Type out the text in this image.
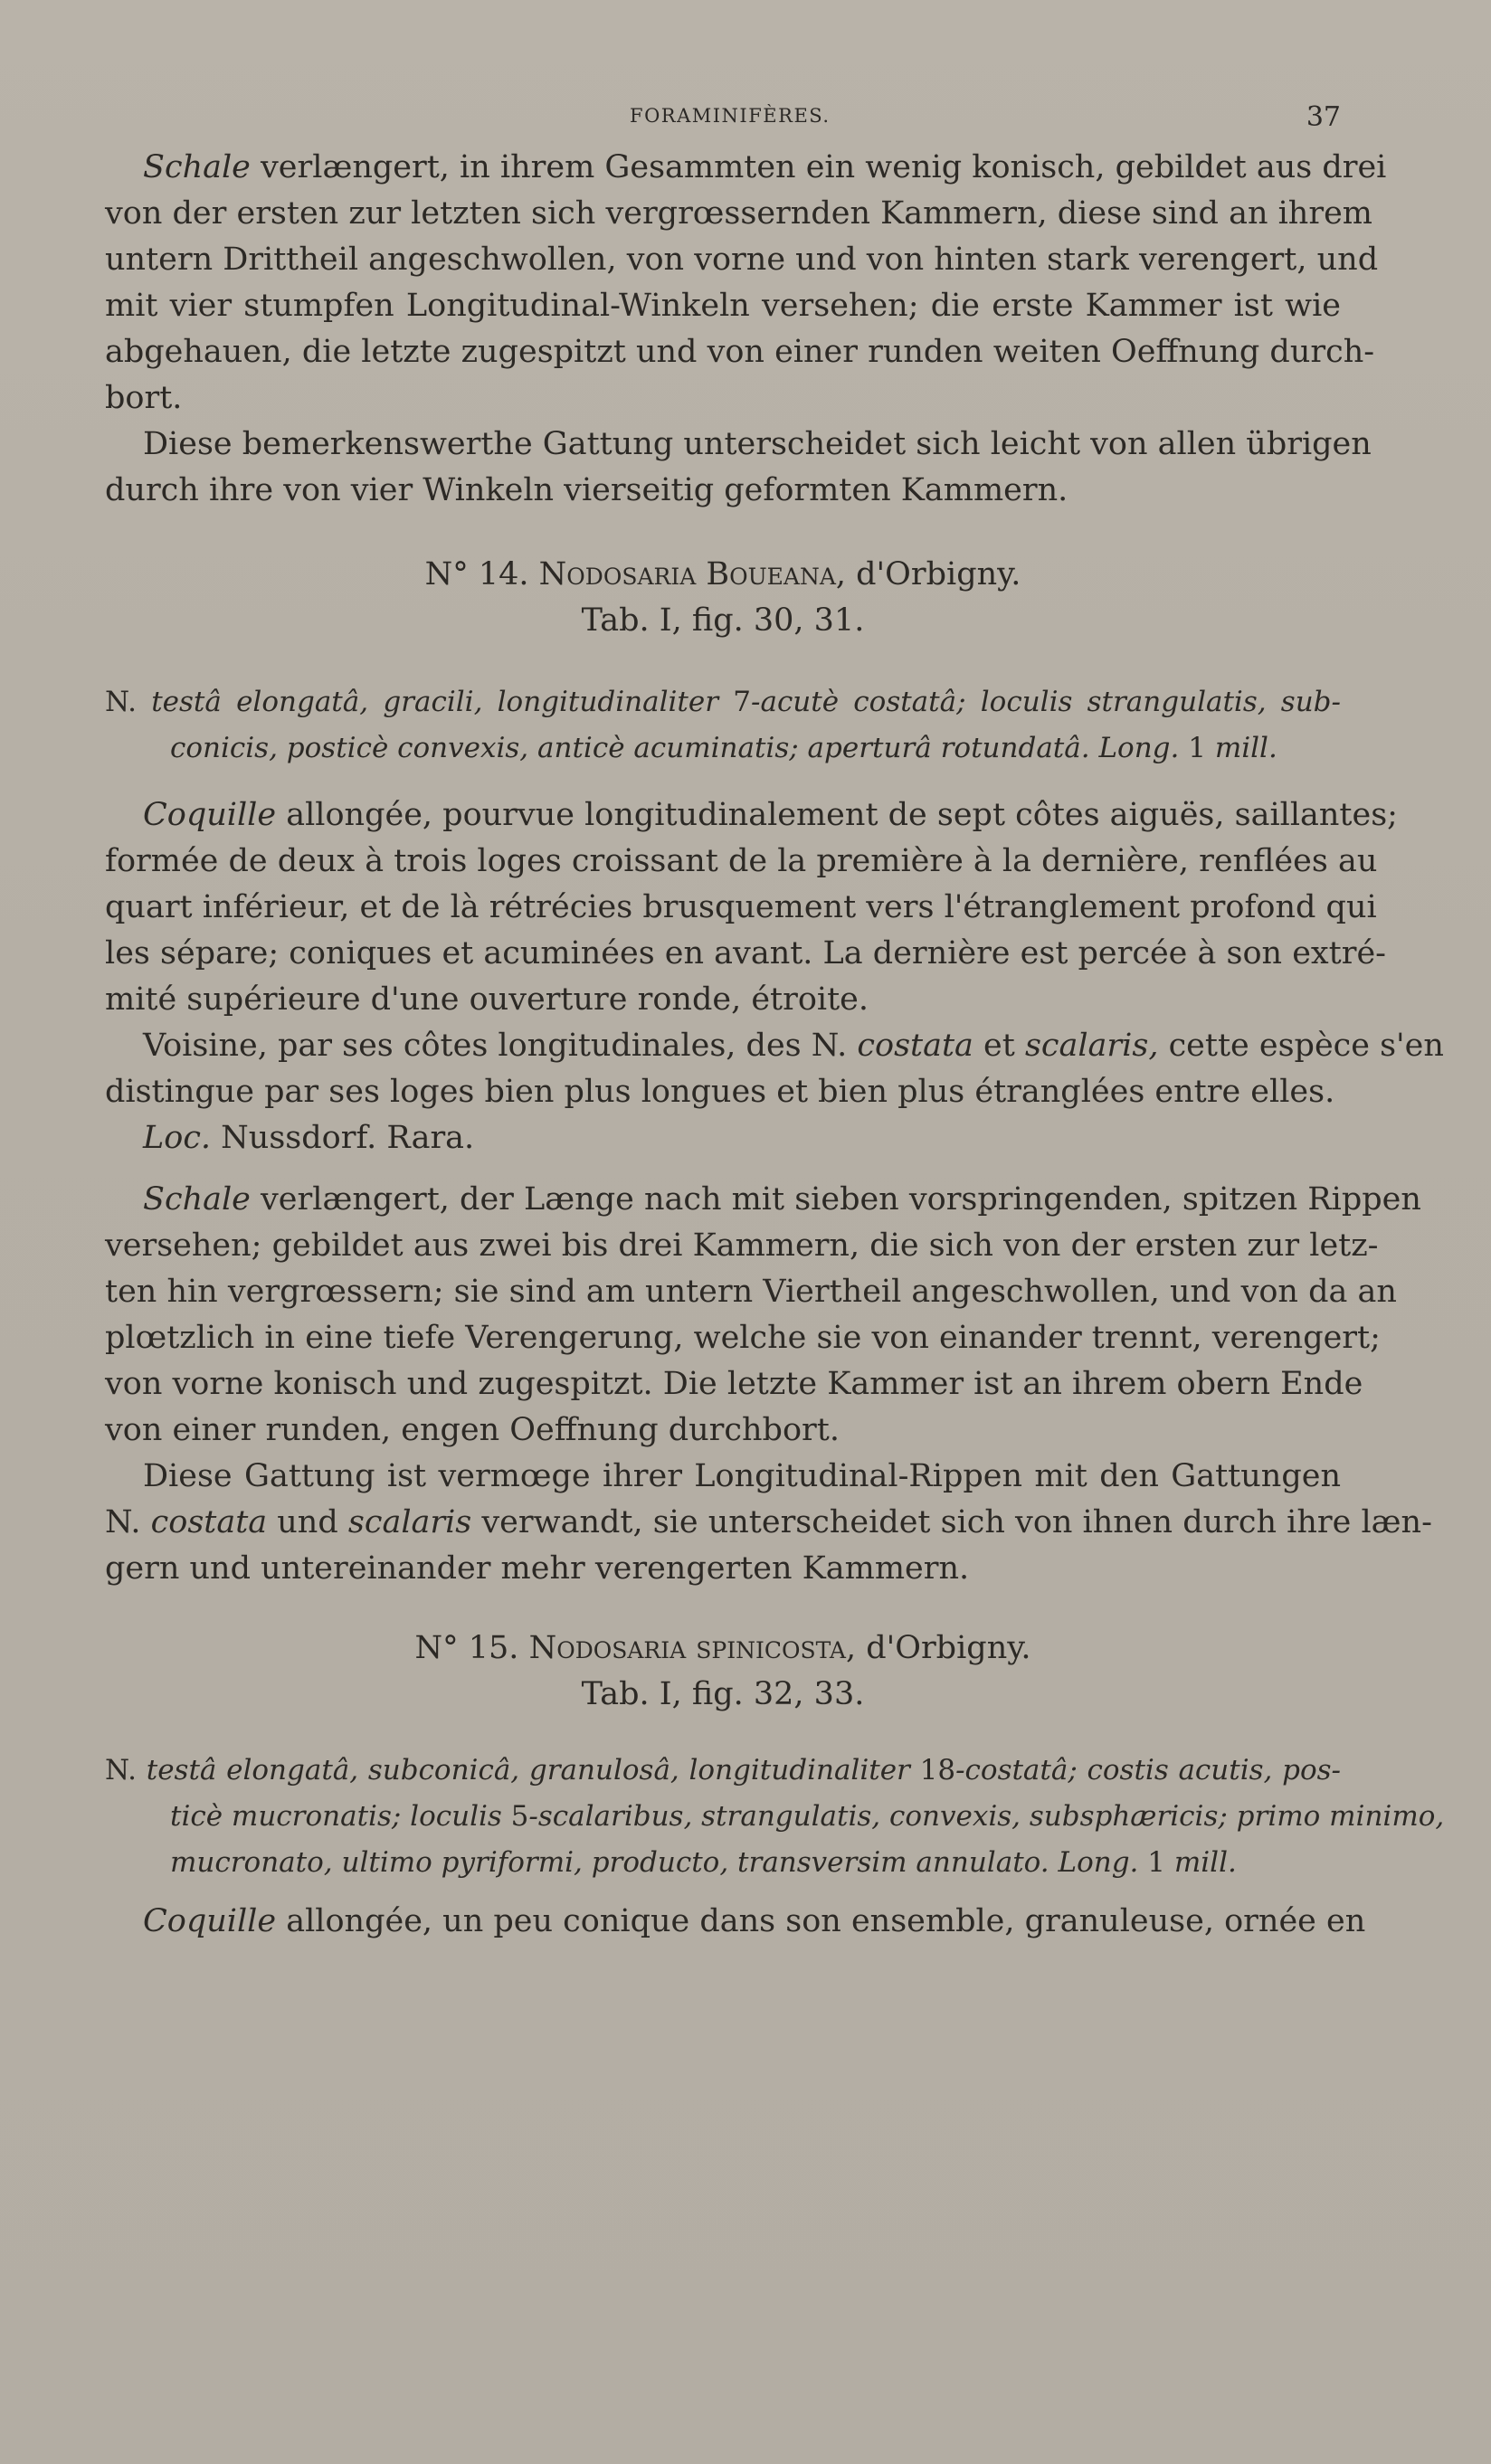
FORAMINIFÈRES.	37
Schale verlængert, in ihrem Gesammten ein wenig konisch, gebildet aus drei
von der ersten zur letzten sich vergrœssernden Kammern, diese sind an ihrem
untern Drittheil angeschwollen, von vorne und von hinten stark verengert, und
mit vier stumpfen Longitudinal-Winkeln versehen; die erste Kammer ist wie
abgehauen, die letzte zugespitzt und von einer runden weiten Oeffnung durch-
bort.
Diese bemerkenswerthe Gattung unterscheidet sich leicht von allen übrigen
durch ihre von vier Winkeln vierseitig geformten Kammern.
N° 14. Nodosaria Boueana, d'Orbigny.
Tab. I, fig. 30, 31.
N. testâ elongatâ, gracili, longitudinaliter 7-acutè costatâ; loculis strangulatis, sub-
conicis, posticè convexis, anticè acuminatis; aperturâ rotundatâ. Long. 1 mill.
Coquille allongée, pourvue longitudinalement de sept côtes aiguës, saillantes;
formée de deux à trois loges croissant de la première à la dernière, renflées au
quart inférieur, et de là rétrécies brusquement vers l'étranglement profond qui
les sépare; coniques et acuminées en avant. La dernière est percée à son extré-
mité supérieure d'une ouverture ronde, étroite.
Voisine, par ses côtes longitudinales, des N. costata et scalaris, cette espèce s'en
distingue par ses loges bien plus longues et bien plus étranglées entre elles.
Loc. Nussdorf. Rara.
Schale verlængert, der Længe nach mit sieben vorspringenden, spitzen Rippen
versehen; gebildet aus zwei bis drei Kammern, die sich von der ersten zur letz-
ten hin vergrœssern; sie sind am untern Viertheil angeschwollen, und von da an
plœtzlich in eine tiefe Verengerung, welche sie von einander trennt, verengert;
von vorne konisch und zugespitzt. Die letzte Kammer ist an ihrem obern Ende
von einer runden, engen Oeffnung durchbort.
Diese Gattung ist vermœge ihrer Longitudinal-Rippen mit den Gattungen
N. costata und scalaris verwandt, sie unterscheidet sich von ihnen durch ihre læn-
gern und untereinander mehr verengerten Kammern.
N° 15. Nodosaria spinicosta, d'Orbigny.
Tab. I, fig. 32, 33.
N. testâ elongatâ, subconicâ, granulosâ, longitudinaliter 18-costatâ; costis acutis, pos-
ticè mucronatis; loculis 5-scalaribus, strangulatis, convexis, subsphæricis; primo minimo,
mucronato, ultimo pyriformi, producto, transversim annulato. Long. 1 mill.
Coquille allongée, un peu conique dans son ensemble, granuleuse, ornée en
